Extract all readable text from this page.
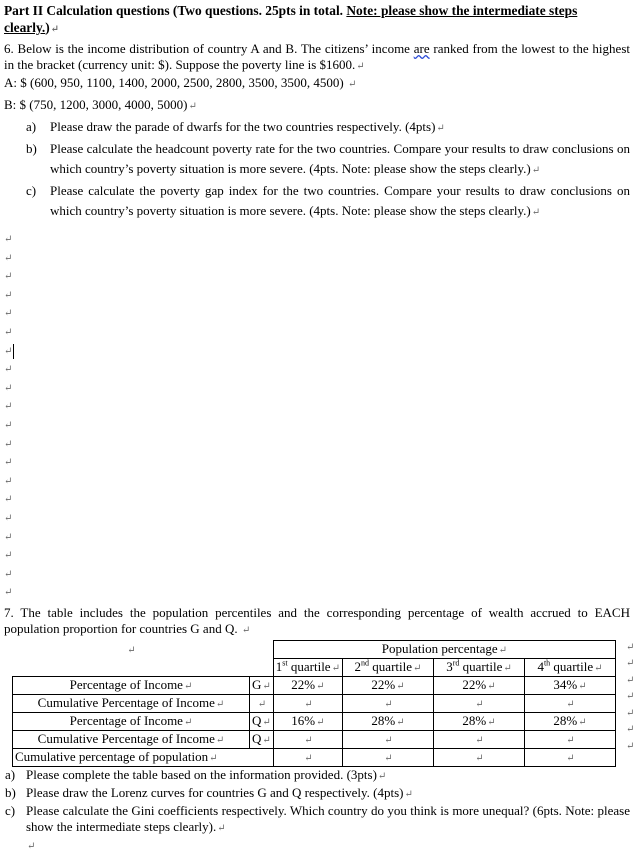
Part II Calculation questions (Two questions. 25pts in total. Note: please show the intermediate steps clearly.)↵

6. Below is the income distribution of country A and B. The citizens’ income are ranked from the lowest to the highest in the bracket (currency unit: $). Suppose the poverty line is $1600.↵

A: $ (600, 950, 1100, 1400, 2000, 2500, 2800, 3500, 3500, 4500) ↵

B: $ (750, 1200, 3000, 4000, 5000)↵

a) Please draw the parade of dwarfs for the two countries respectively. (4pts)↵
b) Please calculate the headcount poverty rate for the two countries. Compare your results to draw conclusions on which country’s poverty situation is more severe. (4pts. Note: please show the steps clearly.)↵
c) Please calculate the poverty gap index for the two countries. Compare your results to draw conclusions on which country’s poverty situation is more severe. (4pts. Note: please show the steps clearly.)↵
↵
↵
↵
↵
↵
↵
↵
↵
↵
↵
↵
↵
↵
↵
↵
↵
↵
↵
↵
↵

7. The table includes the population percentiles and the corresponding percentage of wealth accrued to EACH population proportion for countries G and Q. ↵

↵		Population percentage↵			
		1st quartile↵	2nd quartile↵	3rd quartile↵	4th quartile↵
Percentage of Income↵	G↵	22%↵	22%↵	22%↵	34%↵
Cumulative Percentage of Income↵	↵	↵	↵	↵	↵
Percentage of Income↵	Q↵	16%↵	28%↵	28%↵	28%↵
Cumulative Percentage of Income↵	Q↵	↵	↵	↵	↵
Cumulative percentage of population↵		↵	↵	↵	↵
↵
↵
↵
↵
↵
↵
↵
a) Please complete the table based on the information provided. (3pts)↵
b) Please draw the Lorenz curves for countries G and Q respectively. (4pts)↵
c) Please calculate the Gini coefficients respectively. Which country do you think is more unequal? (6pts. Note: please show the intermediate steps clearly).↵
↵
